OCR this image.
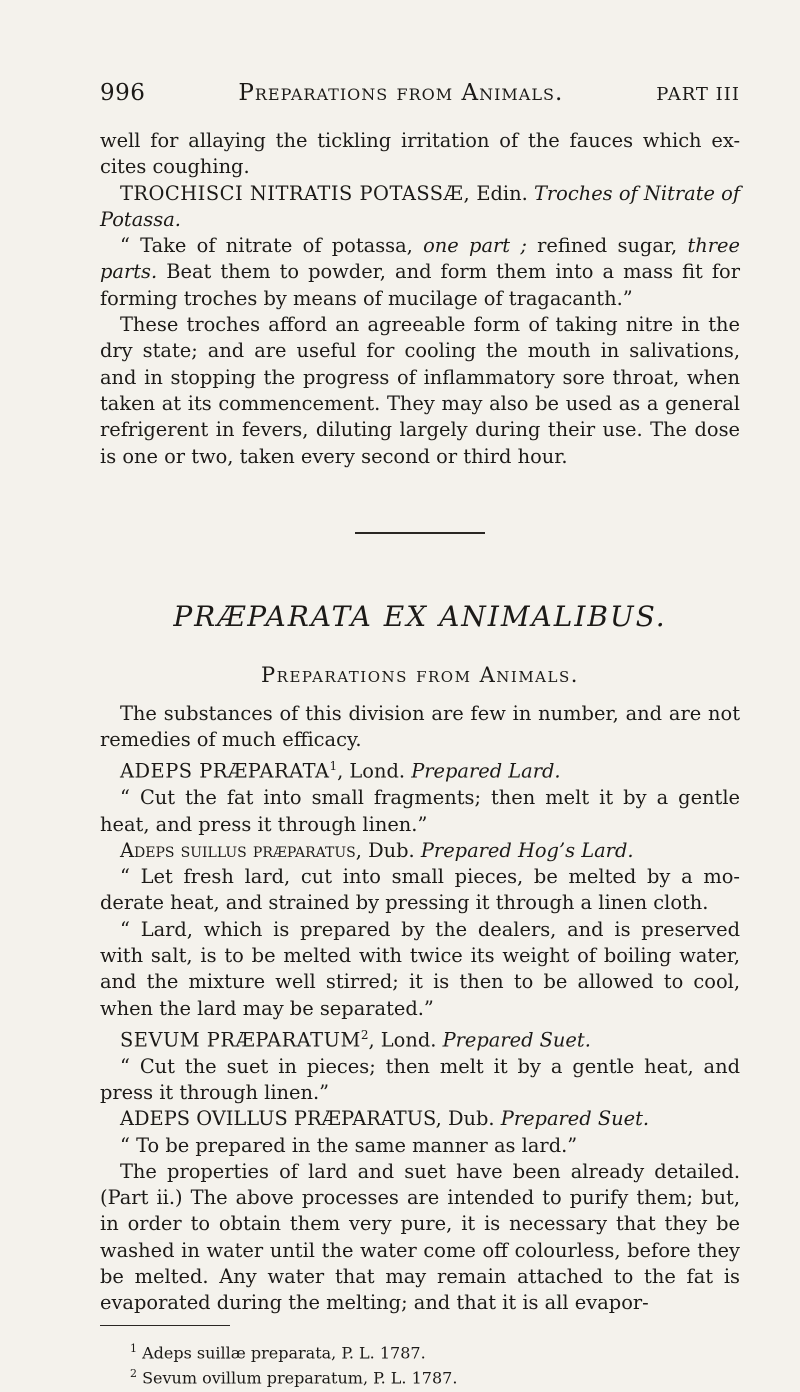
996	Preparations from Animals.	PART III

well for allaying the tickling irritation of the fauces which ex- cites coughing.

TROCHISCI NITRATIS POTASSÆ, Edin. Troches of Nitrate of Potassa.

“ Take of nitrate of potassa, one part ; refined sugar, three parts. Beat them to powder, and form them into a mass fit for forming troches by means of mucilage of tragacanth.”

These troches afford an agreeable form of taking nitre in the dry state; and are useful for cooling the mouth in salivations, and in stopping the progress of inflammatory sore throat, when taken at its commencement. They may also be used as a general refrigerent in fevers, diluting largely during their use. The dose is one or two, taken every second or third hour.

PRÆPARATA EX ANIMALIBUS.
Preparations from Animals.

The substances of this division are few in number, and are not remedies of much efficacy.

ADEPS PRÆPARATA$^1$, Lond. Prepared Lard.

“ Cut the fat into small fragments; then melt it by a gentle heat, and press it through linen.”

Adeps suillus præparatus, Dub. Prepared Hog’s Lard.

“ Let fresh lard, cut into small pieces, be melted by a mo- derate heat, and strained by pressing it through a linen cloth.

“ Lard, which is prepared by the dealers, and is preserved with salt, is to be melted with twice its weight of boiling water, and the mixture well stirred; it is then to be allowed to cool, when the lard may be separated.”

SEVUM PRÆPARATUM$^2$, Lond. Prepared Suet.

“ Cut the suet in pieces; then melt it by a gentle heat, and press it through linen.”

ADEPS OVILLUS PRÆPARATUS, Dub. Prepared Suet.

“ To be prepared in the same manner as lard.”

The properties of lard and suet have been already detailed. (Part ii.) The above processes are intended to purify them; but, in order to obtain them very pure, it is necessary that they be washed in water until the water come off colourless, before they be melted. Any water that may remain attached to the fat is evaporated during the melting; and that it is all evapor-

$^1$ Adeps suillæ preparata, P. L. 1787.
$^2$ Sevum ovillum preparatum, P. L. 1787.
